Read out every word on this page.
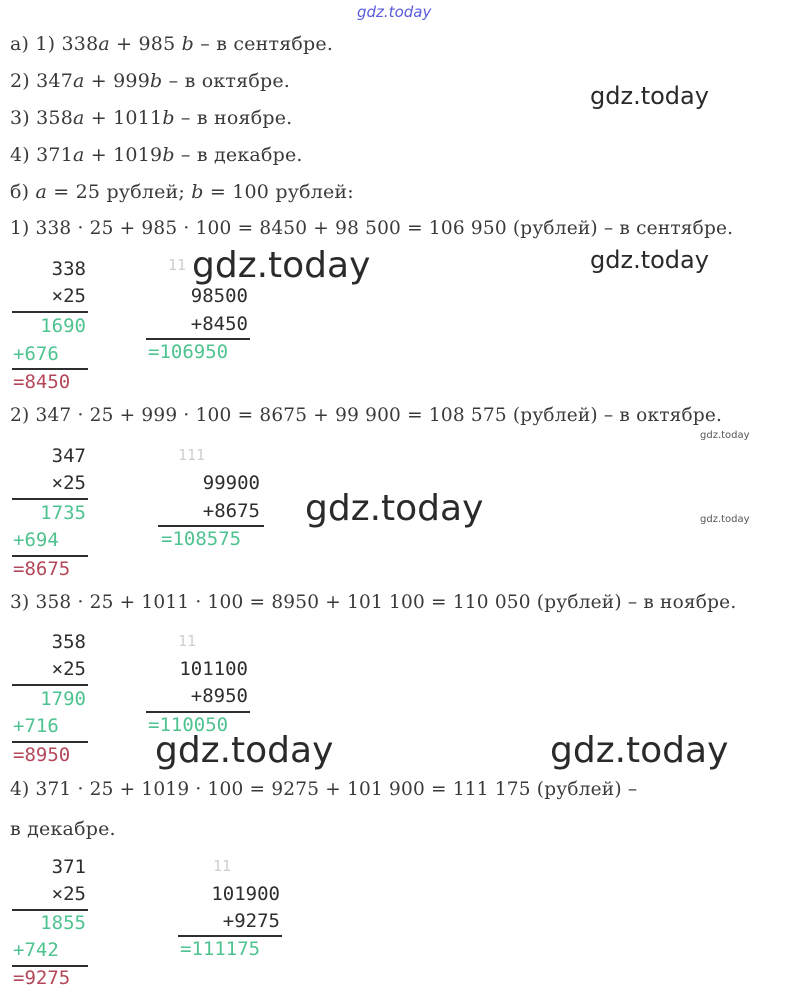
gdz.today
а) 1) 338a + 985 b – в сентябре.
2) 347a + 999b – в октябре.
3) 358a + 1011b – в ноябре.
4) 371a + 1019b – в декабре.
б) a = 25 рублей; b = 100 рублей:
gdz.today
1) 338 · 25 + 985 · 100 = 8450 + 98 500 = 106 950 (рублей) – в сентябре.
gdz.today	gdz.today
338
×25
1690
+676
=8450
11
98500
+8450
=106950
2) 347 · 25 + 999 · 100 = 8675 + 99 900 = 108 575 (рублей) – в октябре.
gdz.today
347
×25
1735
+694
=8675
111
99900
+8675
=108575
gdz.today	gdz.today
3) 358 · 25 + 1011 · 100 = 8950 + 101 100 = 110 050 (рублей) – в ноябре.
358
×25
1790
+716
=8950
11
101100
+8950
=110050
gdz.today	gdz.today
4) 371 · 25 + 1019 · 100 = 9275 + 101 900 = 111 175 (рублей) –
в декабре.
371
×25
1855
+742
=9275
11
101900
+9275
=111175
